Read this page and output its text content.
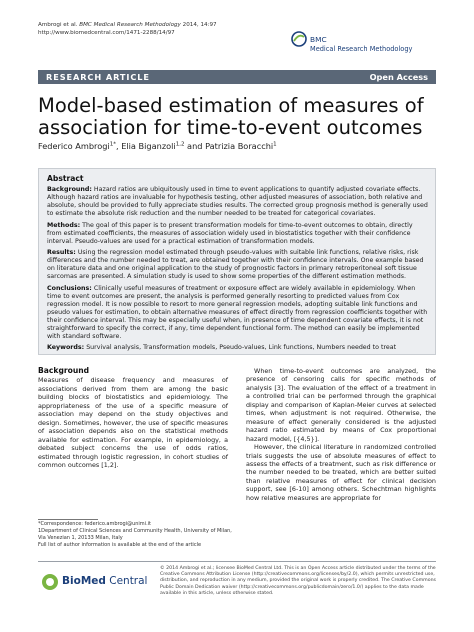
Ambrogi et al. BMC Medical Research Methodology 2014, 14:97
http://www.biomedcentral.com/1471-2288/14/97
BMC
Medical Research Methodology
RESEARCH ARTICLE	Open Access
Model-based estimation of measures of association for time-to-event outcomes
Federico Ambrogi$^{1*}$, Elia Biganzoli$^{1,2}$ and Patrizia Boracchi$^1$
Abstract

Background: Hazard ratios are ubiquitously used in time to event applications to quantify adjusted covariate effects. Although hazard ratios are invaluable for hypothesis testing, other adjusted measures of association, both relative and absolute, should be provided to fully appreciate studies results. The corrected group prognosis method is generally used to estimate the absolute risk reduction and the number needed to be treated for categorical covariates.

Methods: The goal of this paper is to present transformation models for time-to-event outcomes to obtain, directly from estimated coefficients, the measures of association widely used in biostatistics together with their confidence interval. Pseudo-values are used for a practical estimation of transformation models.

Results: Using the regression model estimated through pseudo-values with suitable link functions, relative risks, risk differences and the number needed to treat, are obtained together with their confidence intervals. One example based on literature data and one original application to the study of prognostic factors in primary retroperitoneal soft tissue sarcomas are presented. A simulation study is used to show some properties of the different estimation methods.

Conclusions: Clinically useful measures of treatment or exposure effect are widely available in epidemiology. When time to event outcomes are present, the analysis is performed generally resorting to predicted values from Cox regression model. It is now possible to resort to more general regression models, adopting suitable link functions and pseudo values for estimation, to obtain alternative measures of effect directly from regression coefficients together with their confidence interval. This may be especially useful when, in presence of time dependent covariate effects, it is not straightforward to specify the correct, if any, time dependent functional form. The method can easily be implemented with standard software.

Keywords: Survival analysis, Transformation models, Pseudo-values, Link functions, Numbers needed to treat

Background
Measures of disease frequency and measures of associations derived from them are among the basic building blocks of biostatistics and epidemiology. The appropriateness of the use of a specific measure of association may depend on the study objectives and design. Sometimes, however, the use of specific measures of association depends also on the statistical methods available for estimation. For example, in epidemiology, a debated subject concerns the use of odds ratios, estimated through logistic regression, in cohort studies of common outcomes [1,2].
When time-to-event outcomes are analyzed, the presence of censoring calls for specific methods of analysis [3]. The evaluation of the effect of a treatment in a controlled trial can be performed through the graphical display and comparison of Kaplan-Meier curves at selected times, when adjustment is not required. Otherwise, the measure of effect generally considered is the adjusted hazard ratio estimated by means of Cox proportional hazard model, [{4,5}].
However, the clinical literature in randomized controlled trials suggests the use of absolute measures of effect to assess the effects of a treatment, such as risk difference or the number needed to be treated, which are better suited than relative measures of effect for clinical decision support, see [6-10] among others. Schechtman highlights how relative measures are appropriate for
*Correspondence: federico.ambrogi@unimi.it
1Department of Clinical Sciences and Community Health, University of Milan, Via Venezian 1, 20133 Milan, Italy
Full list of author information is available at the end of the article
BioMed Central
© 2014 Ambrogi et al.; licensee BioMed Central Ltd. This is an Open Access article distributed under the terms of the Creative Commons Attribution License (http://creativecommons.org/licenses/by/2.0), which permits unrestricted use, distribution, and reproduction in any medium, provided the original work is properly credited. The Creative Commons Public Domain Dedication waiver (http://creativecommons.org/publicdomain/zero/1.0/) applies to the data made available in this article, unless otherwise stated.
